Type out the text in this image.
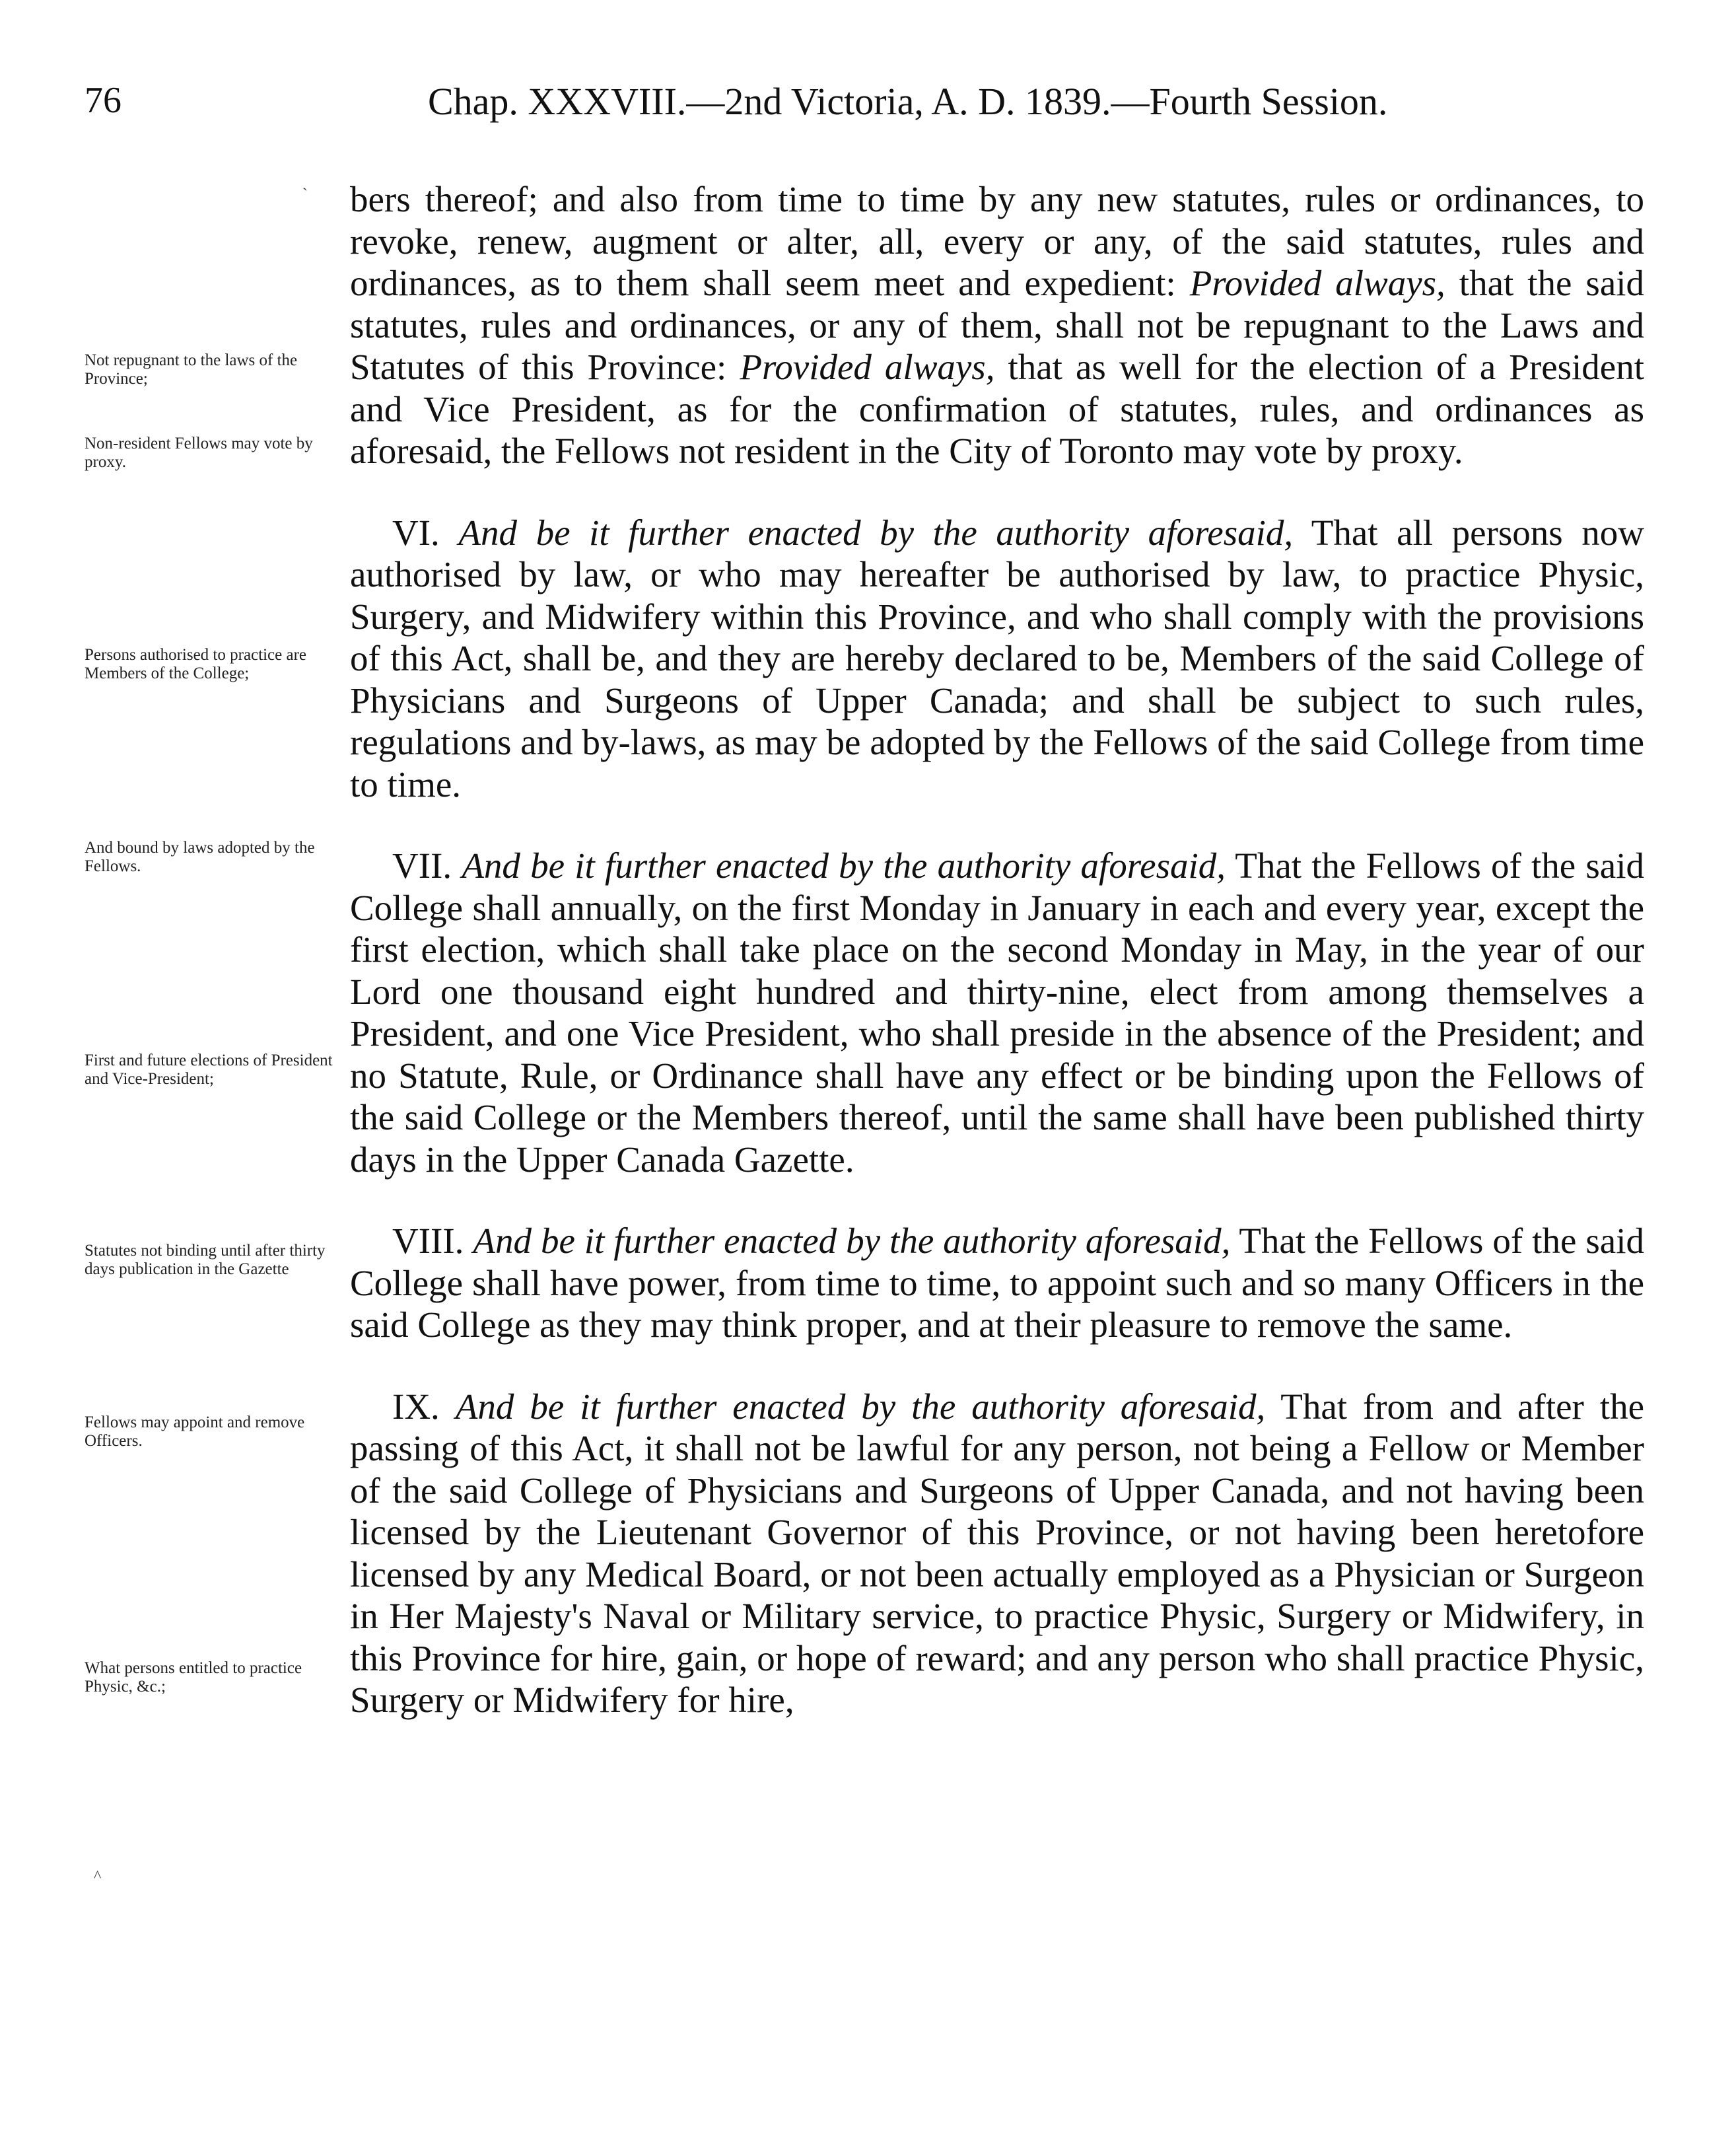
76	Chap. XXXVIII.—2nd Victoria, A. D. 1839.—Fourth Session.
`
Not repugnant to the laws of the Province;
Non-resident Fellows may vote by proxy.
Persons authorised to practice are Members of the College;
And bound by laws adopted by the Fellows.
First and future elections of President and Vice-President;
Statutes not binding until after thirty days publication in the Gazette
Fellows may appoint and remove Officers.
What persons entitled to practice Physic, &c.;
^

bers thereof; and also from time to time by any new statutes, rules or ordinances, to revoke, renew, augment or alter, all, every or any, of the said statutes, rules and ordinances, as to them shall seem meet and expedient: Provided always, that the said statutes, rules and ordinances, or any of them, shall not be repugnant to the Laws and Statutes of this Province: Provided always, that as well for the election of a President and Vice President, as for the confirmation of statutes, rules, and ordinances as aforesaid, the Fellows not resident in the City of Toronto may vote by proxy.

VI. And be it further enacted by the authority aforesaid, That all persons now authorised by law, or who may hereafter be authorised by law, to practice Physic, Surgery, and Midwifery within this Province, and who shall comply with the provisions of this Act, shall be, and they are hereby declared to be, Members of the said College of Physicians and Surgeons of Upper Canada; and shall be subject to such rules, regulations and by-laws, as may be adopted by the Fellows of the said College from time to time.

VII. And be it further enacted by the authority aforesaid, That the Fellows of the said College shall annually, on the first Monday in January in each and every year, except the first election, which shall take place on the second Monday in May, in the year of our Lord one thousand eight hundred and thirty-nine, elect from among themselves a President, and one Vice President, who shall preside in the absence of the President; and no Statute, Rule, or Ordinance shall have any effect or be binding upon the Fellows of the said College or the Members thereof, until the same shall have been published thirty days in the Upper Canada Gazette.

VIII. And be it further enacted by the authority aforesaid, That the Fellows of the said College shall have power, from time to time, to appoint such and so many Officers in the said College as they may think proper, and at their pleasure to remove the same.

IX. And be it further enacted by the authority aforesaid, That from and after the passing of this Act, it shall not be lawful for any person, not being a Fellow or Member of the said College of Physicians and Surgeons of Upper Canada, and not having been licensed by the Lieutenant Governor of this Province, or not having been heretofore licensed by any Medical Board, or not been actually employed as a Physician or Surgeon in Her Majesty's Naval or Military service, to practice Physic, Surgery or Midwifery, in this Province for hire, gain, or hope of reward; and any person who shall practice Physic, Surgery or Midwifery for hire,
